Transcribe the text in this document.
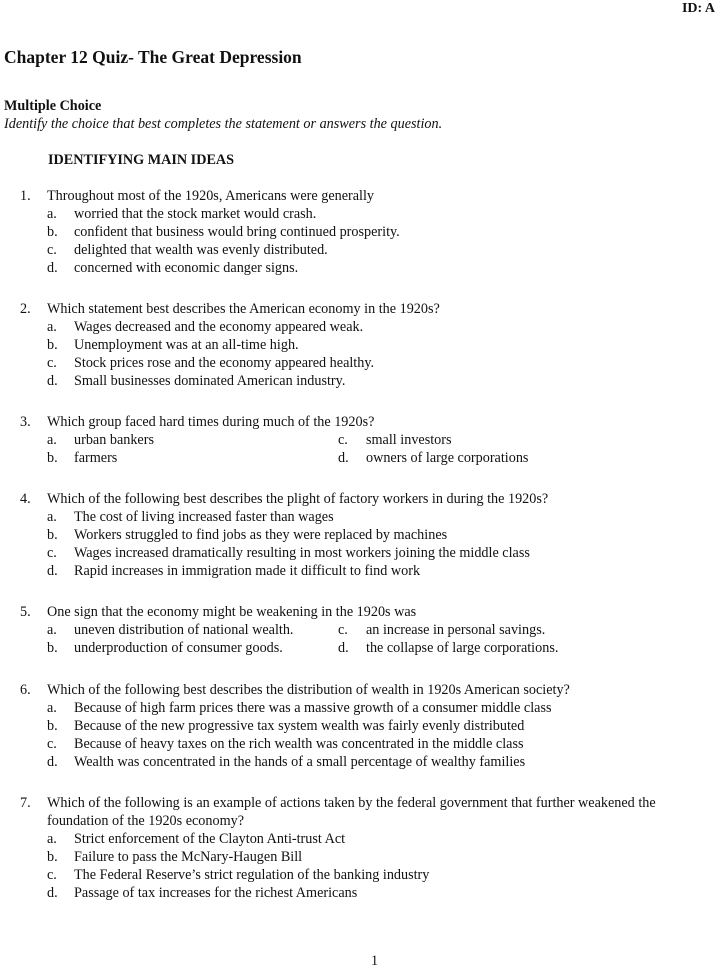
ID: A
Chapter 12 Quiz- The Great Depression
Multiple Choice
Identify the choice that best completes the statement or answers the question.
IDENTIFYING MAIN IDEAS
1.	Throughout most of the 1920s, Americans were generally
a. worried that the stock market would crash.
b. confident that business would bring continued prosperity.
c. delighted that wealth was evenly distributed.
d. concerned with economic danger signs.
2.	Which statement best describes the American economy in the 1920s?
a. Wages decreased and the economy appeared weak.
b. Unemployment was at an all-time high.
c. Stock prices rose and the economy appeared healthy.
d. Small businesses dominated American industry.
3.	Which group faced hard times during much of the 1920s?
a. urban bankers	c. small investors
b. farmers	d. owners of large corporations
4.	Which of the following best describes the plight of factory workers in during the 1920s?
a. The cost of living increased faster than wages
b. Workers struggled to find jobs as they were replaced by machines
c. Wages increased dramatically resulting in most workers joining the middle class
d. Rapid increases in immigration made it difficult to find work
5.	One sign that the economy might be weakening in the 1920s was
a. uneven distribution of national wealth.	c. an increase in personal savings.
b. underproduction of consumer goods.	d. the collapse of large corporations.
6.	Which of the following best describes the distribution of wealth in 1920s American society?
a. Because of high farm prices there was a massive growth of a consumer middle class
b. Because of the new progressive tax system wealth was fairly evenly distributed
c. Because of heavy taxes on the rich wealth was concentrated in the middle class
d. Wealth was concentrated in the hands of a small percentage of wealthy families
7.	Which of the following is an example of actions taken by the federal government that further weakened the foundation of the 1920s economy?
a. Strict enforcement of the Clayton Anti-trust Act
b. Failure to pass the McNary-Haugen Bill
c. The Federal Reserve’s strict regulation of the banking industry
d. Passage of tax increases for the richest Americans
1
